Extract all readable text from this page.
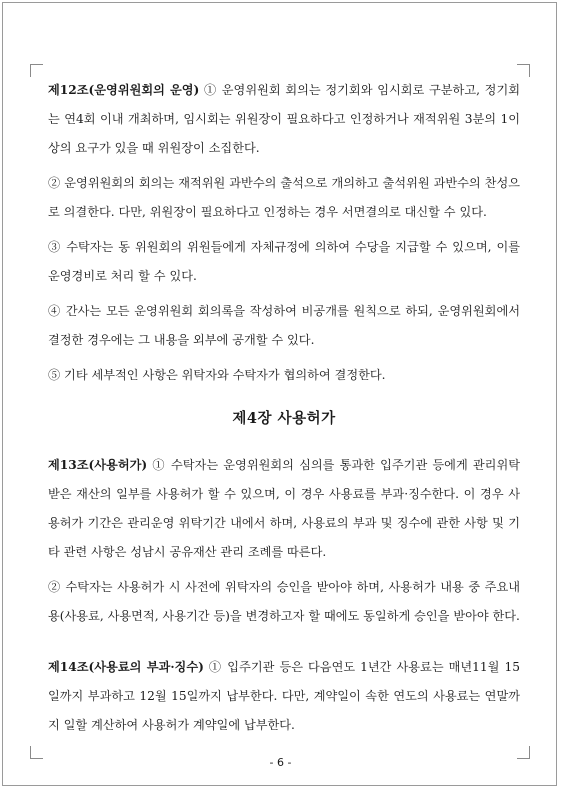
제12조(운영위원회의 운영) ① 운영위원회 회의는 정기회와 임시회로 구분하고, 정기회는 연4회 이내 개최하며, 임시회는 위원장이 필요하다고 인정하거나 재적위원 3분의 1이상의 요구가 있을 때 위원장이 소집한다.

② 운영위원회의 회의는 재적위원 과반수의 출석으로 개의하고 출석위원 과반수의 찬성으로 의결한다. 다만, 위원장이 필요하다고 인정하는 경우 서면결의로 대신할 수 있다.

③ 수탁자는 동 위원회의 위원들에게 자체규정에 의하여 수당을 지급할 수 있으며, 이를 운영경비로 처리 할 수 있다.

④ 간사는 모든 운영위원회 회의록을 작성하여 비공개를 원칙으로 하되, 운영위원회에서 결정한 경우에는 그 내용을 외부에 공개할 수 있다.

⑤ 기타 세부적인 사항은 위탁자와 수탁자가 협의하여 결정한다.

제4장 사용허가

제13조(사용허가) ① 수탁자는 운영위원회의 심의를 통과한 입주기관 등에게 관리위탁 받은 재산의 일부를 사용허가 할 수 있으며, 이 경우 사용료를 부과·징수한다. 이 경우 사용허가 기간은 관리운영 위탁기간 내에서 하며, 사용료의 부과 및 징수에 관한 사항 및 기타 관련 사항은 성남시 공유재산 관리 조례를 따른다.

② 수탁자는 사용허가 시 사전에 위탁자의 승인을 받아야 하며, 사용허가 내용 중 주요내용(사용료, 사용면적, 사용기간 등)을 변경하고자 할 때에도 동일하게 승인을 받아야 한다.

제14조(사용료의 부과·징수) ① 입주기관 등은 다음연도 1년간 사용료는 매년11월 15일까지 부과하고 12월 15일까지 납부한다. 다만, 계약일이 속한 연도의 사용료는 연말까지 일할 계산하여 사용허가 계약일에 납부한다.

- 6 -
